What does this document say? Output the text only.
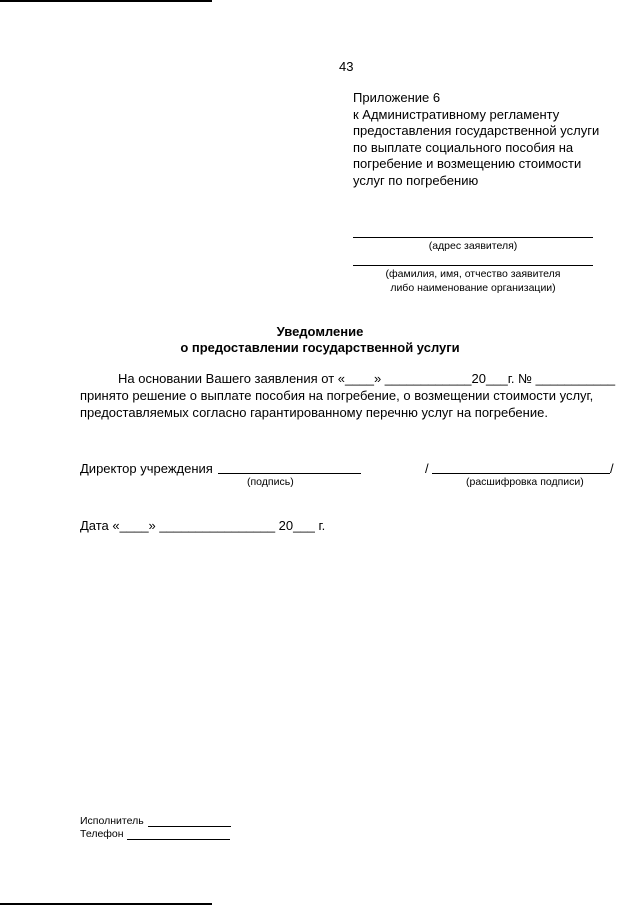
43
Приложение 6
к Административному регламенту
предоставления государственной услуги
по выплате социального пособия на
погребение и возмещению стоимости
услуг по погребению
(адрес заявителя)
(фамилия, имя, отчество заявителя
либо наименование организации)
Уведомление
о предоставлении государственной услуги
На основании Вашего заявления от «____» ____________20___г. № ___________
принято решение о выплате пособия на погребение, о возмещении стоимости услуг,
предоставляемых согласно гарантированному перечню услуг на погребение.
Директор учреждения
(подпись)
/	/
(расшифровка подписи)
Дата «____» ________________ 20___ г.
Исполнитель
Телефон
